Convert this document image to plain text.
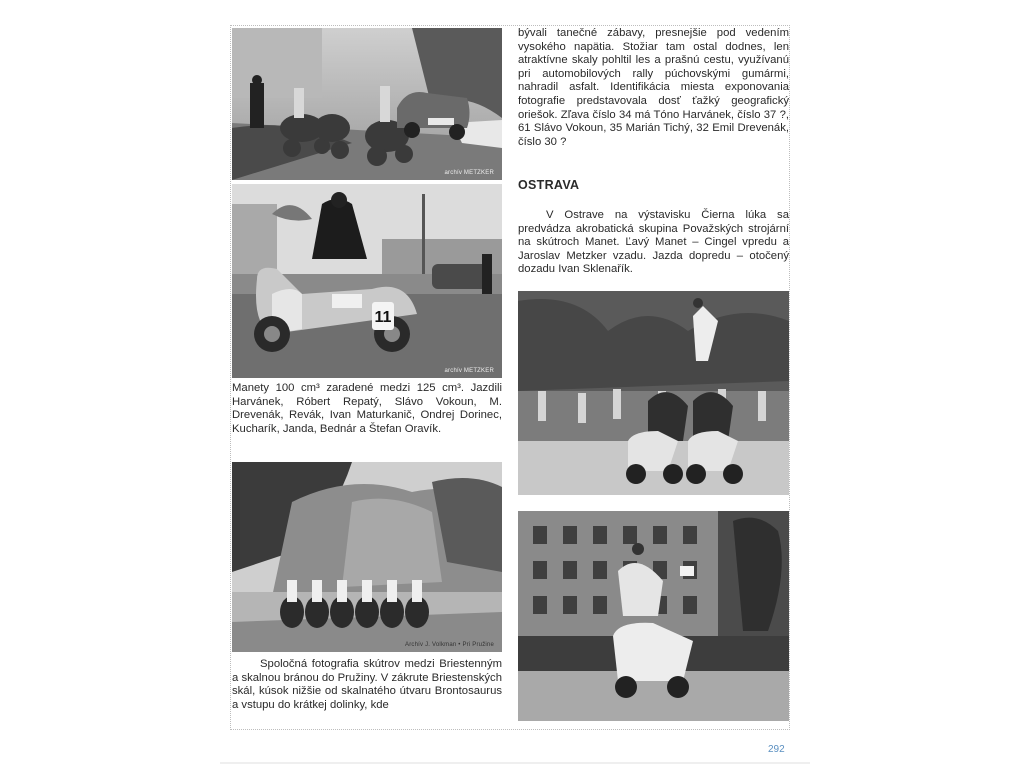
archív METZKER
11
archív METZKER
Manety 100 cm³ zaradené medzi 125 cm³. Jazdili Harvánek, Róbert Repatý, Slávo Vokoun, M. Drevenák, Revák, Ivan Maturkanič, Ondrej Dorinec, Kucharík, Janda, Bednár a Štefan Oravík.
Archív J. Volkman • Pri Pružine
Spoločná fotografia skútrov medzi Briestenným a skalnou bránou do Pružiny. V zákrute Briestenských skál, kúsok nižšie od skalnatého útvaru Brontosaurus a vstupu do krátkej dolinky, kde
bývali tanečné zábavy, presnejšie pod vedením vysokého napätia. Stožiar tam ostal dodnes, len atraktívne skaly pohltil les a prašnú cestu, využívanú pri automobilových rally púchovskými gumármi, nahradil asfalt. Identifikácia miesta exponovania fotografie predstavovala dosť ťažký geografický oriešok. Zľava číslo 34 má Tóno Harvánek, číslo 37 ?, 61 Slávo Vokoun, 35 Marián Tichý, 32 Emil Drevenák, číslo 30 ?
OSTRAVA
V Ostrave na výstavisku Čierna lúka sa predvádza akrobatická skupina Považských strojární na skútroch Manet. Ľavý Manet – Cingel vpredu a Jaroslav Metzker vzadu. Jazda dopredu – otočený dozadu Ivan Sklenařík.
292
